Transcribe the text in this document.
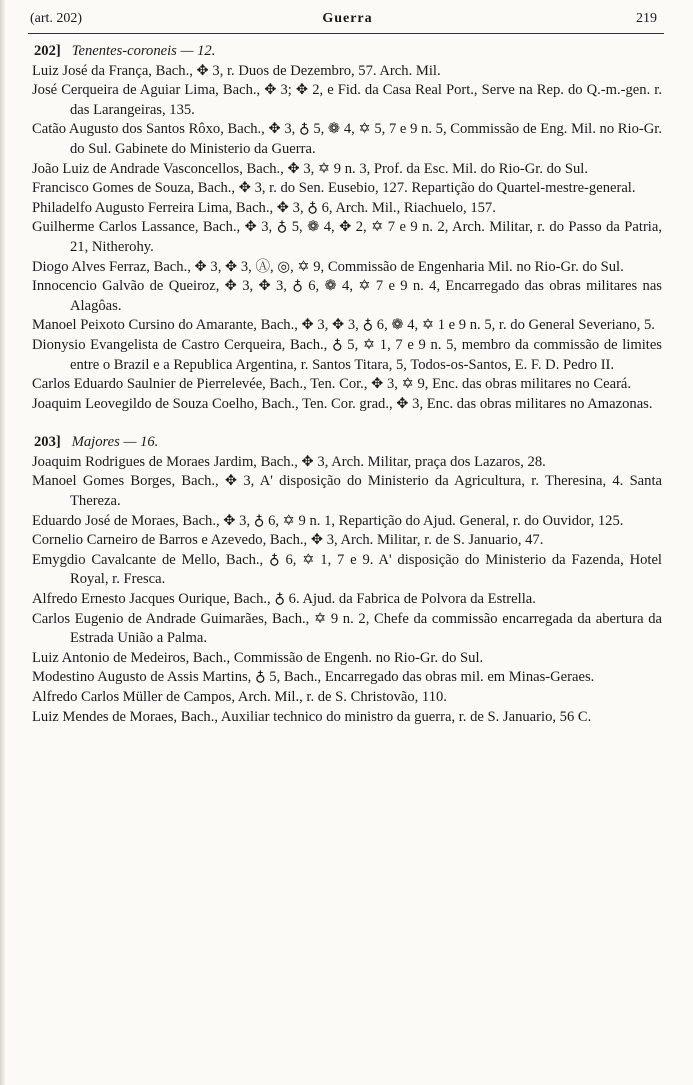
(art. 202)	Guerra	219
202] Tenentes-coroneis — 12.
Luiz José da França, Bach., ✥ 3, r. Duos de Dezembro, 57. Arch. Mil.
José Cerqueira de Aguiar Lima, Bach., ✥ 3; ✥ 2, e Fid. da Casa Real Port., Serve na Rep. do Q.-m.-gen. r. das Larangeiras, 135.
Catão Augusto dos Santos Rôxo, Bach., ✥ 3, ♁ 5, ❁ 4, ✡ 5, 7 e 9 n. 5, Commissão de Eng. Mil. no Rio-Gr. do Sul. Gabinete do Ministerio da Guerra.
João Luiz de Andrade Vasconcellos, Bach., ✥ 3, ✡ 9 n. 3, Prof. da Esc. Mil. do Rio-Gr. do Sul.
Francisco Gomes de Souza, Bach., ✥ 3, r. do Sen. Eusebio, 127. Repartição do Quartel-mestre-general.
Philadelfo Augusto Ferreira Lima, Bach., ✥ 3, ♁ 6, Arch. Mil., Riachuelo, 157.
Guilherme Carlos Lassance, Bach., ✥ 3, ♁ 5, ❁ 4, ✥ 2, ✡ 7 e 9 n. 2, Arch. Militar, r. do Passo da Patria, 21, Nitherohy.
Diogo Alves Ferraz, Bach., ✥ 3, ✥ 3, Ⓐ, ◎, ✡ 9, Commissão de Engenharia Mil. no Rio-Gr. do Sul.
Innocencio Galvão de Queiroz, ✥ 3, ✥ 3, ♁ 6, ❁ 4, ✡ 7 e 9 n. 4, Encarregado das obras militares nas Alagôas.
Manoel Peixoto Cursino do Amarante, Bach., ✥ 3, ✥ 3, ♁ 6, ❁ 4, ✡ 1 e 9 n. 5, r. do General Severiano, 5.
Dionysio Evangelista de Castro Cerqueira, Bach., ♁ 5, ✡ 1, 7 e 9 n. 5, membro da commissão de limites entre o Brazil e a Republica Argentina, r. Santos Titara, 5, Todos-os-Santos, E. F. D. Pedro II.
Carlos Eduardo Saulnier de Pierrelevée, Bach., Ten. Cor., ✥ 3, ✡ 9, Enc. das obras militares no Ceará.
Joaquim Leovegildo de Souza Coelho, Bach., Ten. Cor. grad., ✥ 3, Enc. das obras militares no Amazonas.
203] Majores — 16.
Joaquim Rodrigues de Moraes Jardim, Bach., ✥ 3, Arch. Militar, praça dos Lazaros, 28.
Manoel Gomes Borges, Bach., ✥ 3, A' disposição do Ministerio da Agricultura, r. Theresina, 4. Santa Thereza.
Eduardo José de Moraes, Bach., ✥ 3, ♁ 6, ✡ 9 n. 1, Repartição do Ajud. General, r. do Ouvidor, 125.
Cornelio Carneiro de Barros e Azevedo, Bach., ✥ 3, Arch. Militar, r. de S. Januario, 47.
Emygdio Cavalcante de Mello, Bach., ♁ 6, ✡ 1, 7 e 9. A' disposição do Ministerio da Fazenda, Hotel Royal, r. Fresca.
Alfredo Ernesto Jacques Ourique, Bach., ♁ 6. Ajud. da Fabrica de Polvora da Estrella.
Carlos Eugenio de Andrade Guimarães, Bach., ✡ 9 n. 2, Chefe da commissão encarregada da abertura da Estrada União a Palma.
Luiz Antonio de Medeiros, Bach., Commissão de Engenh. no Rio-Gr. do Sul.
Modestino Augusto de Assis Martins, ♁ 5, Bach., Encarregado das obras mil. em Minas-Geraes.
Alfredo Carlos Müller de Campos, Arch. Mil., r. de S. Christovão, 110.
Luiz Mendes de Moraes, Bach., Auxiliar technico do ministro da guerra, r. de S. Januario, 56 C.
